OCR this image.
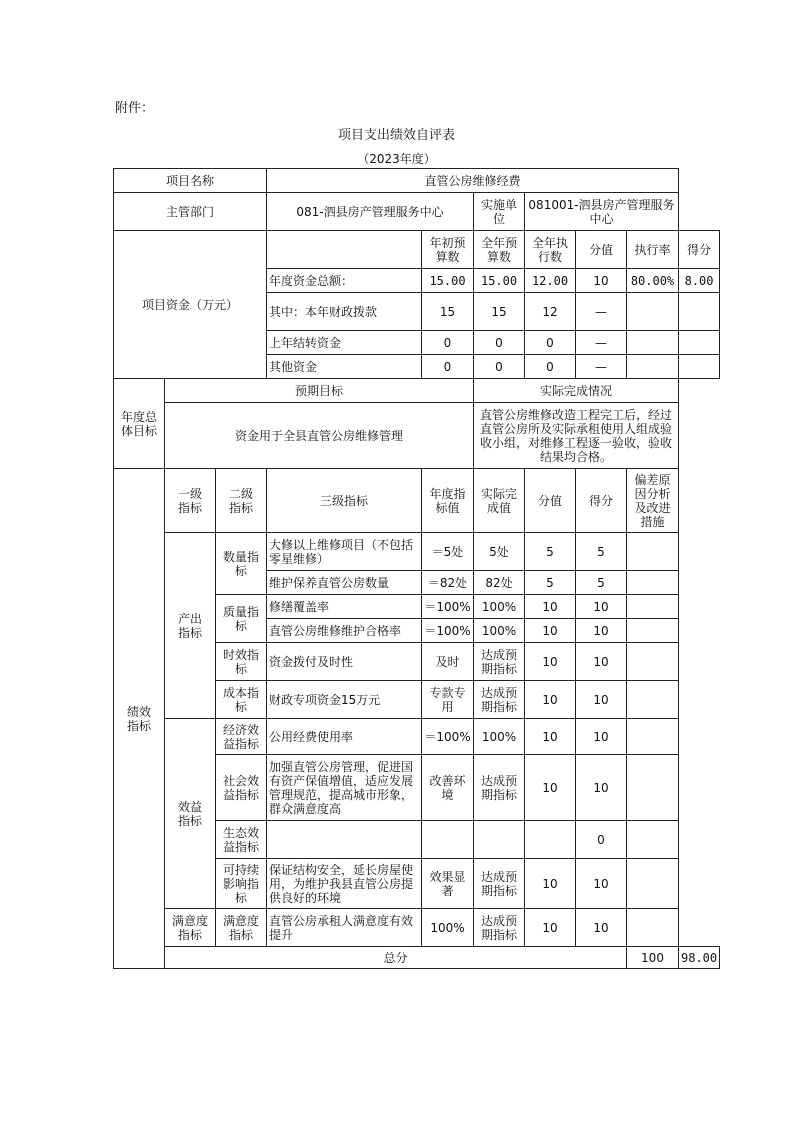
附件：
项目支出绩效自评表
（2023年度）
项目名称			直管公房维修经费						
主管部门			081-泗县房产管理服务中心		实施单位	081001-泗县房产管理服务中心			
项目资金（万元）				年初预算数	全年预算数	全年执行数	分值	执行率	得分
			年度资金总额：	15.00	15.00	12.00	10	80.00%	8.00
			其中：本年财政拨款	15	15	12	—		
			上年结转资金	0	0	0	—		
			其他资金	0	0	0	—		
年度总体目标	预期目标				实际完成情况				
	资金用于全县直管公房维修管理				直管公房维修改造工程完工后，经过直管公房所及实际承租使用人组成验收小组，对维修工程逐一验收，验收结果均合格。				
绩效指标	一级指标	二级指标	三级指标	年度指标值	实际完成值	分值	得分	偏差原因分析及改进措施	
	产出指标	数量指标	大修以上维修项目（不包括零星维修）	＝5处	5处	5	5		
			维护保养直管公房数量	＝82处	82处	5	5		
		质量指标	修缮覆盖率	＝100%	100%	10	10		
			直管公房维修维护合格率	＝100%	100%	10	10		
		时效指标	资金拨付及时性	及时	达成预期指标	10	10		
		成本指标	财政专项资金15万元	专款专用	达成预期指标	10	10		
	效益指标	经济效益指标	公用经费使用率	＝100%	100%	10	10		
		社会效益指标	加强直管公房管理，促进国有资产保值增值，适应发展管理规范，提高城市形象，群众满意度高	改善环境	达成预期指标	10	10		
		生态效益指标					0		
		可持续影响指标	保证结构安全，延长房屋使用，为维护我县直管公房提供良好的环境	效果显著	达成预期指标	10	10		
	满意度指标	满意度指标	直管公房承租人满意度有效提升	100%	达成预期指标	10	10		
	总分							100	98.00
